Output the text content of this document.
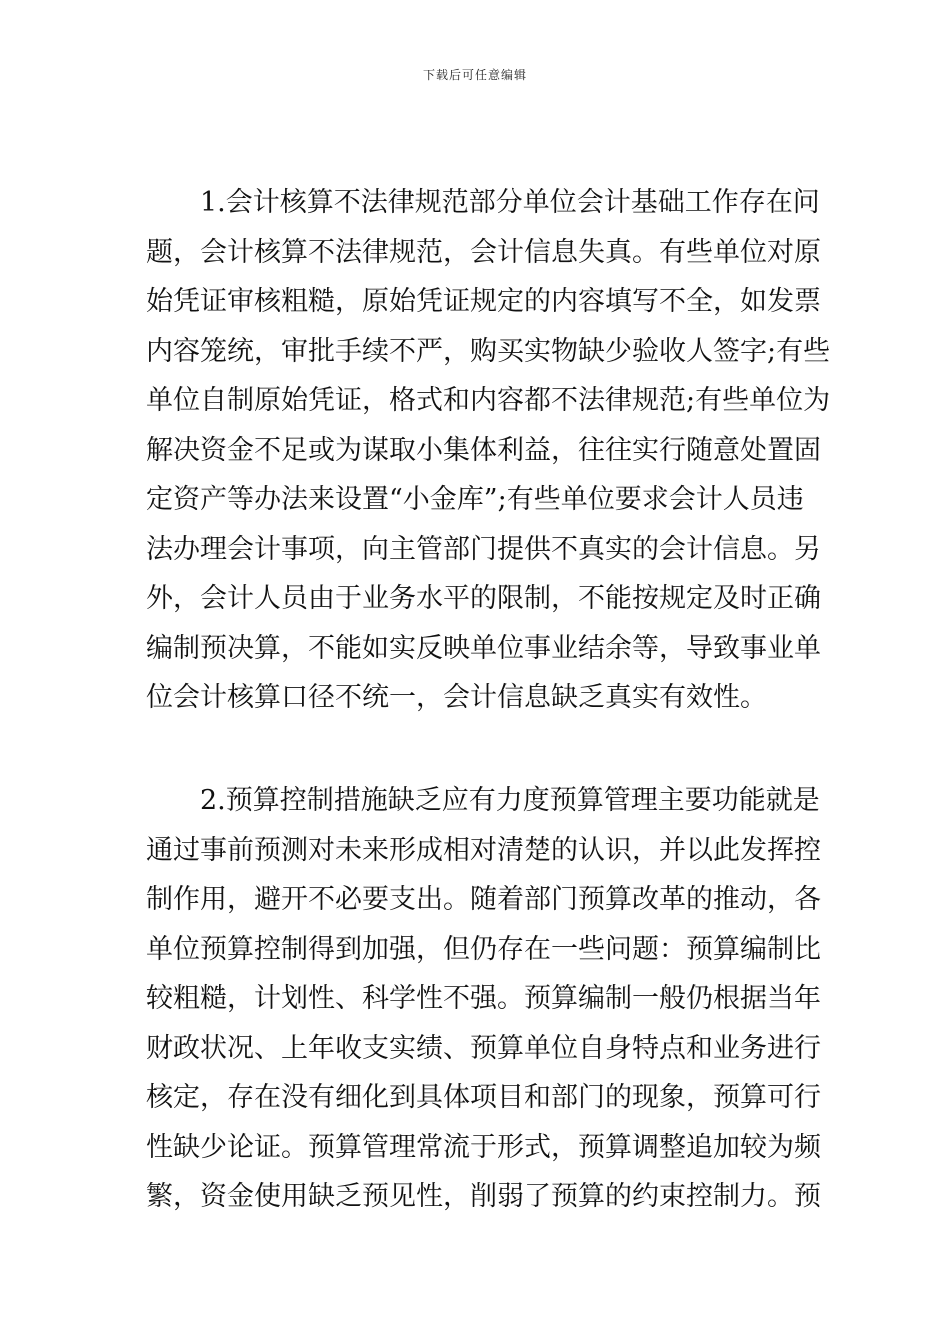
下载后可任意编辑

1.会计核算不法律规范部分单位会计基础工作存在问
题，会计核算不法律规范，会计信息失真。有些单位对原
始凭证审核粗糙，原始凭证规定的内容填写不全，如发票
内容笼统，审批手续不严，购买实物缺少验收人签字;有些
单位自制原始凭证，格式和内容都不法律规范;有些单位为
解决资金不足或为谋取小集体利益，往往实行随意处置固
定资产等办法来设置“小金库”;有些单位要求会计人员违
法办理会计事项，向主管部门提供不真实的会计信息。另
外，会计人员由于业务水平的限制，不能按规定及时正确
编制预决算，不能如实反映单位事业结余等，导致事业单
位会计核算口径不统一，会计信息缺乏真实有效性。

2.预算控制措施缺乏应有力度预算管理主要功能就是
通过事前预测对未来形成相对清楚的认识，并以此发挥控
制作用，避开不必要支出。随着部门预算改革的推动，各
单位预算控制得到加强，但仍存在一些问题：预算编制比
较粗糙，计划性、科学性不强。预算编制一般仍根据当年
财政状况、上年收支实绩、预算单位自身特点和业务进行
核定，存在没有细化到具体项目和部门的现象，预算可行
性缺少论证。预算管理常流于形式，预算调整追加较为频
繁，资金使用缺乏预见性，削弱了预算的约束控制力。预
